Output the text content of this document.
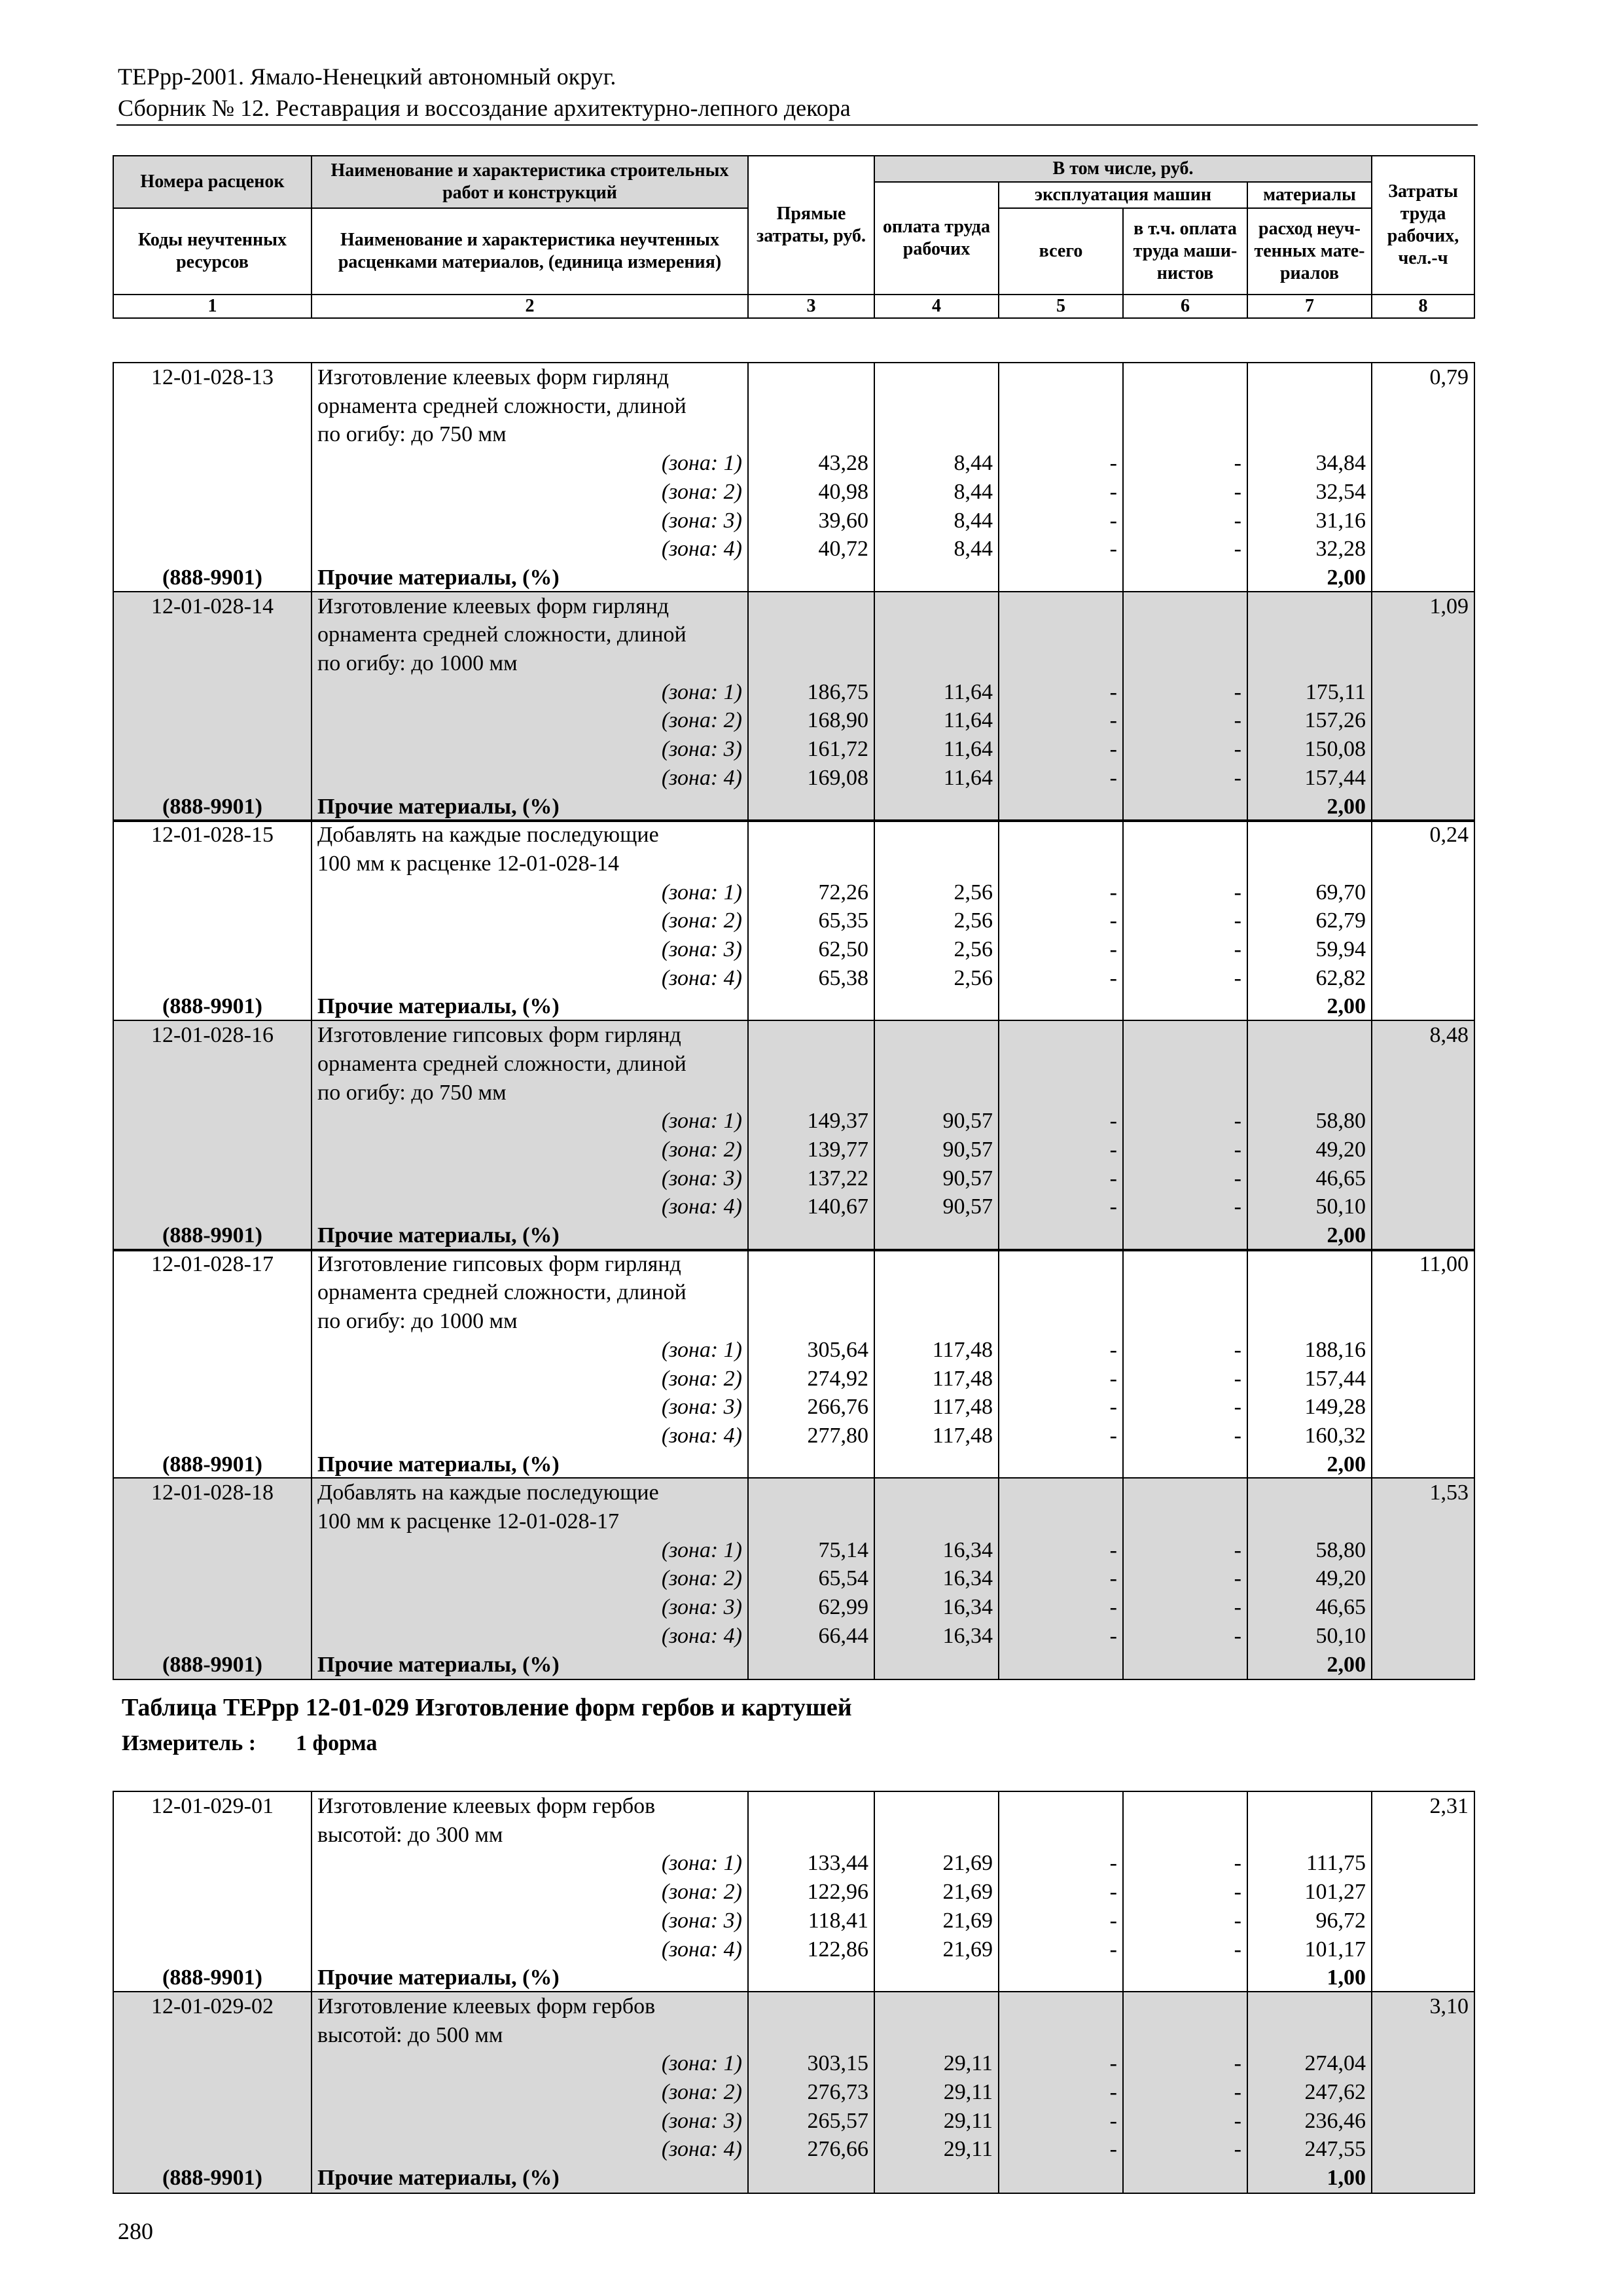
ТЕРрр-2001. Ямало-Ненецкий автономный округ.
Сборник № 12. Реставрация и воссоздание архитектурно-лепного декора
Номера расценок	Наименование и характеристика строительных работ и конструкций	Прямые затраты, руб.	В том числе, руб.				Затраты труда рабочих, чел.-ч
			оплата труда рабочих	эксплуатация машин		материалы	
Коды неучтенных ресурсов	Наименование и характеристика неучтенных расценками материалов, (единица измерения)			всего	в т.ч. оплата труда маши-нистов	расход неуч-тенных мате-риалов	

1	2	3	4	5	6	7	8
12-01-028-13	Изготовление клеевых форм гирлянд						0,79
	орнамента средней сложности, длиной						
	по огибу: до 750 мм						
	(зона: 1)	43,28	8,44	-	-	34,84	
	(зона: 2)	40,98	8,44	-	-	32,54	
	(зона: 3)	39,60	8,44	-	-	31,16	
	(зона: 4)	40,72	8,44	-	-	32,28	
(888-9901)	Прочие материалы, (%)					2,00	
12-01-028-14	Изготовление клеевых форм гирлянд						1,09
	орнамента средней сложности, длиной						
	по огибу: до 1000 мм						
	(зона: 1)	186,75	11,64	-	-	175,11	
	(зона: 2)	168,90	11,64	-	-	157,26	
	(зона: 3)	161,72	11,64	-	-	150,08	
	(зона: 4)	169,08	11,64	-	-	157,44	
(888-9901)	Прочие материалы, (%)					2,00	
12-01-028-15	Добавлять на каждые последующие						0,24
	100 мм к расценке 12-01-028-14						
	(зона: 1)	72,26	2,56	-	-	69,70	
	(зона: 2)	65,35	2,56	-	-	62,79	
	(зона: 3)	62,50	2,56	-	-	59,94	
	(зона: 4)	65,38	2,56	-	-	62,82	
(888-9901)	Прочие материалы, (%)					2,00	
12-01-028-16	Изготовление гипсовых форм гирлянд						8,48
	орнамента средней сложности, длиной						
	по огибу: до 750 мм						
	(зона: 1)	149,37	90,57	-	-	58,80	
	(зона: 2)	139,77	90,57	-	-	49,20	
	(зона: 3)	137,22	90,57	-	-	46,65	
	(зона: 4)	140,67	90,57	-	-	50,10	
(888-9901)	Прочие материалы, (%)					2,00	
12-01-028-17	Изготовление гипсовых форм гирлянд						11,00
	орнамента средней сложности, длиной						
	по огибу: до 1000 мм						
	(зона: 1)	305,64	117,48	-	-	188,16	
	(зона: 2)	274,92	117,48	-	-	157,44	
	(зона: 3)	266,76	117,48	-	-	149,28	
	(зона: 4)	277,80	117,48	-	-	160,32	
(888-9901)	Прочие материалы, (%)					2,00	
12-01-028-18	Добавлять на каждые последующие						1,53
	100 мм к расценке 12-01-028-17						
	(зона: 1)	75,14	16,34	-	-	58,80	
	(зона: 2)	65,54	16,34	-	-	49,20	
	(зона: 3)	62,99	16,34	-	-	46,65	
	(зона: 4)	66,44	16,34	-	-	50,10	
(888-9901)	Прочие материалы, (%)					2,00	
Таблица ТЕРрр 12-01-029 Изготовление форм гербов и картушей
Измеритель : 1 форма
12-01-029-01	Изготовление клеевых форм гербов						2,31
	высотой: до 300 мм						
	(зона: 1)	133,44	21,69	-	-	111,75	
	(зона: 2)	122,96	21,69	-	-	101,27	
	(зона: 3)	118,41	21,69	-	-	96,72	
	(зона: 4)	122,86	21,69	-	-	101,17	
(888-9901)	Прочие материалы, (%)					1,00	
12-01-029-02	Изготовление клеевых форм гербов						3,10
	высотой: до 500 мм						
	(зона: 1)	303,15	29,11	-	-	274,04	
	(зона: 2)	276,73	29,11	-	-	247,62	
	(зона: 3)	265,57	29,11	-	-	236,46	
	(зона: 4)	276,66	29,11	-	-	247,55	
(888-9901)	Прочие материалы, (%)					1,00	
280
